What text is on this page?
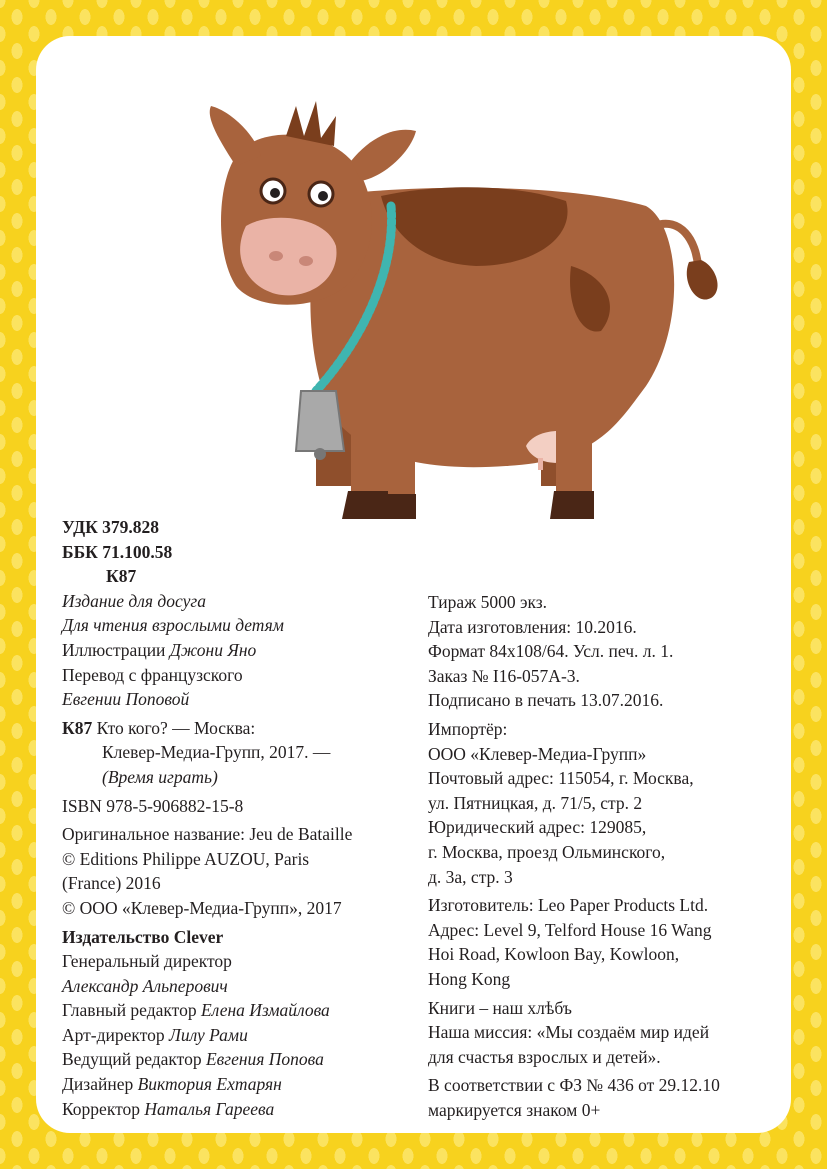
УДК 379.828
ББК 71.100.58
К87
Издание для досуга
Для чтения взрослыми детям
Иллюстрации Джони Яно
Перевод с французского
Евгении Поповой
К87 Кто кого? — Москва:
Клевер-Медиа-Групп, 2017. —
(Время играть)
ISBN 978-5-906882-15-8
Оригинальное название: Jeu de Bataille
© Editions Philippe AUZOU, Paris
(France) 2016
© ООО «Клевер-Медиа-Групп», 2017
Издательство Clever
Генеральный директор
Александр Альперович
Главный редактор Елена Измайлова
Арт-директор Лилу Рами
Ведущий редактор Евгения Попова
Дизайнер Виктория Ехтарян
Корректор Наталья Гареева
Тираж 5000 экз.
Дата изготовления: 10.2016.
Формат 84x108/64. Усл. печ. л. 1.
Заказ № I16-057А-3.
Подписано в печать 13.07.2016.
Импортёр:
ООО «Клевер-Медиа-Групп»
Почтовый адрес: 115054, г. Москва,
ул. Пятницкая, д. 71/5, стр. 2
Юридический адрес: 129085,
г. Москва, проезд Ольминского,
д. 3а, стр. 3
Изготовитель: Leo Paper Products Ltd.
Адрес: Level 9, Telford House 16 Wang
Hoi Road, Kowloon Bay, Kowloon,
Hong Kong
Книги – наш хлѣбъ
Наша миссия: «Мы создаём мир идей
для счастья взрослых и детей».
В соответствии с ФЗ № 436 от 29.12.10
маркируется знаком 0+
